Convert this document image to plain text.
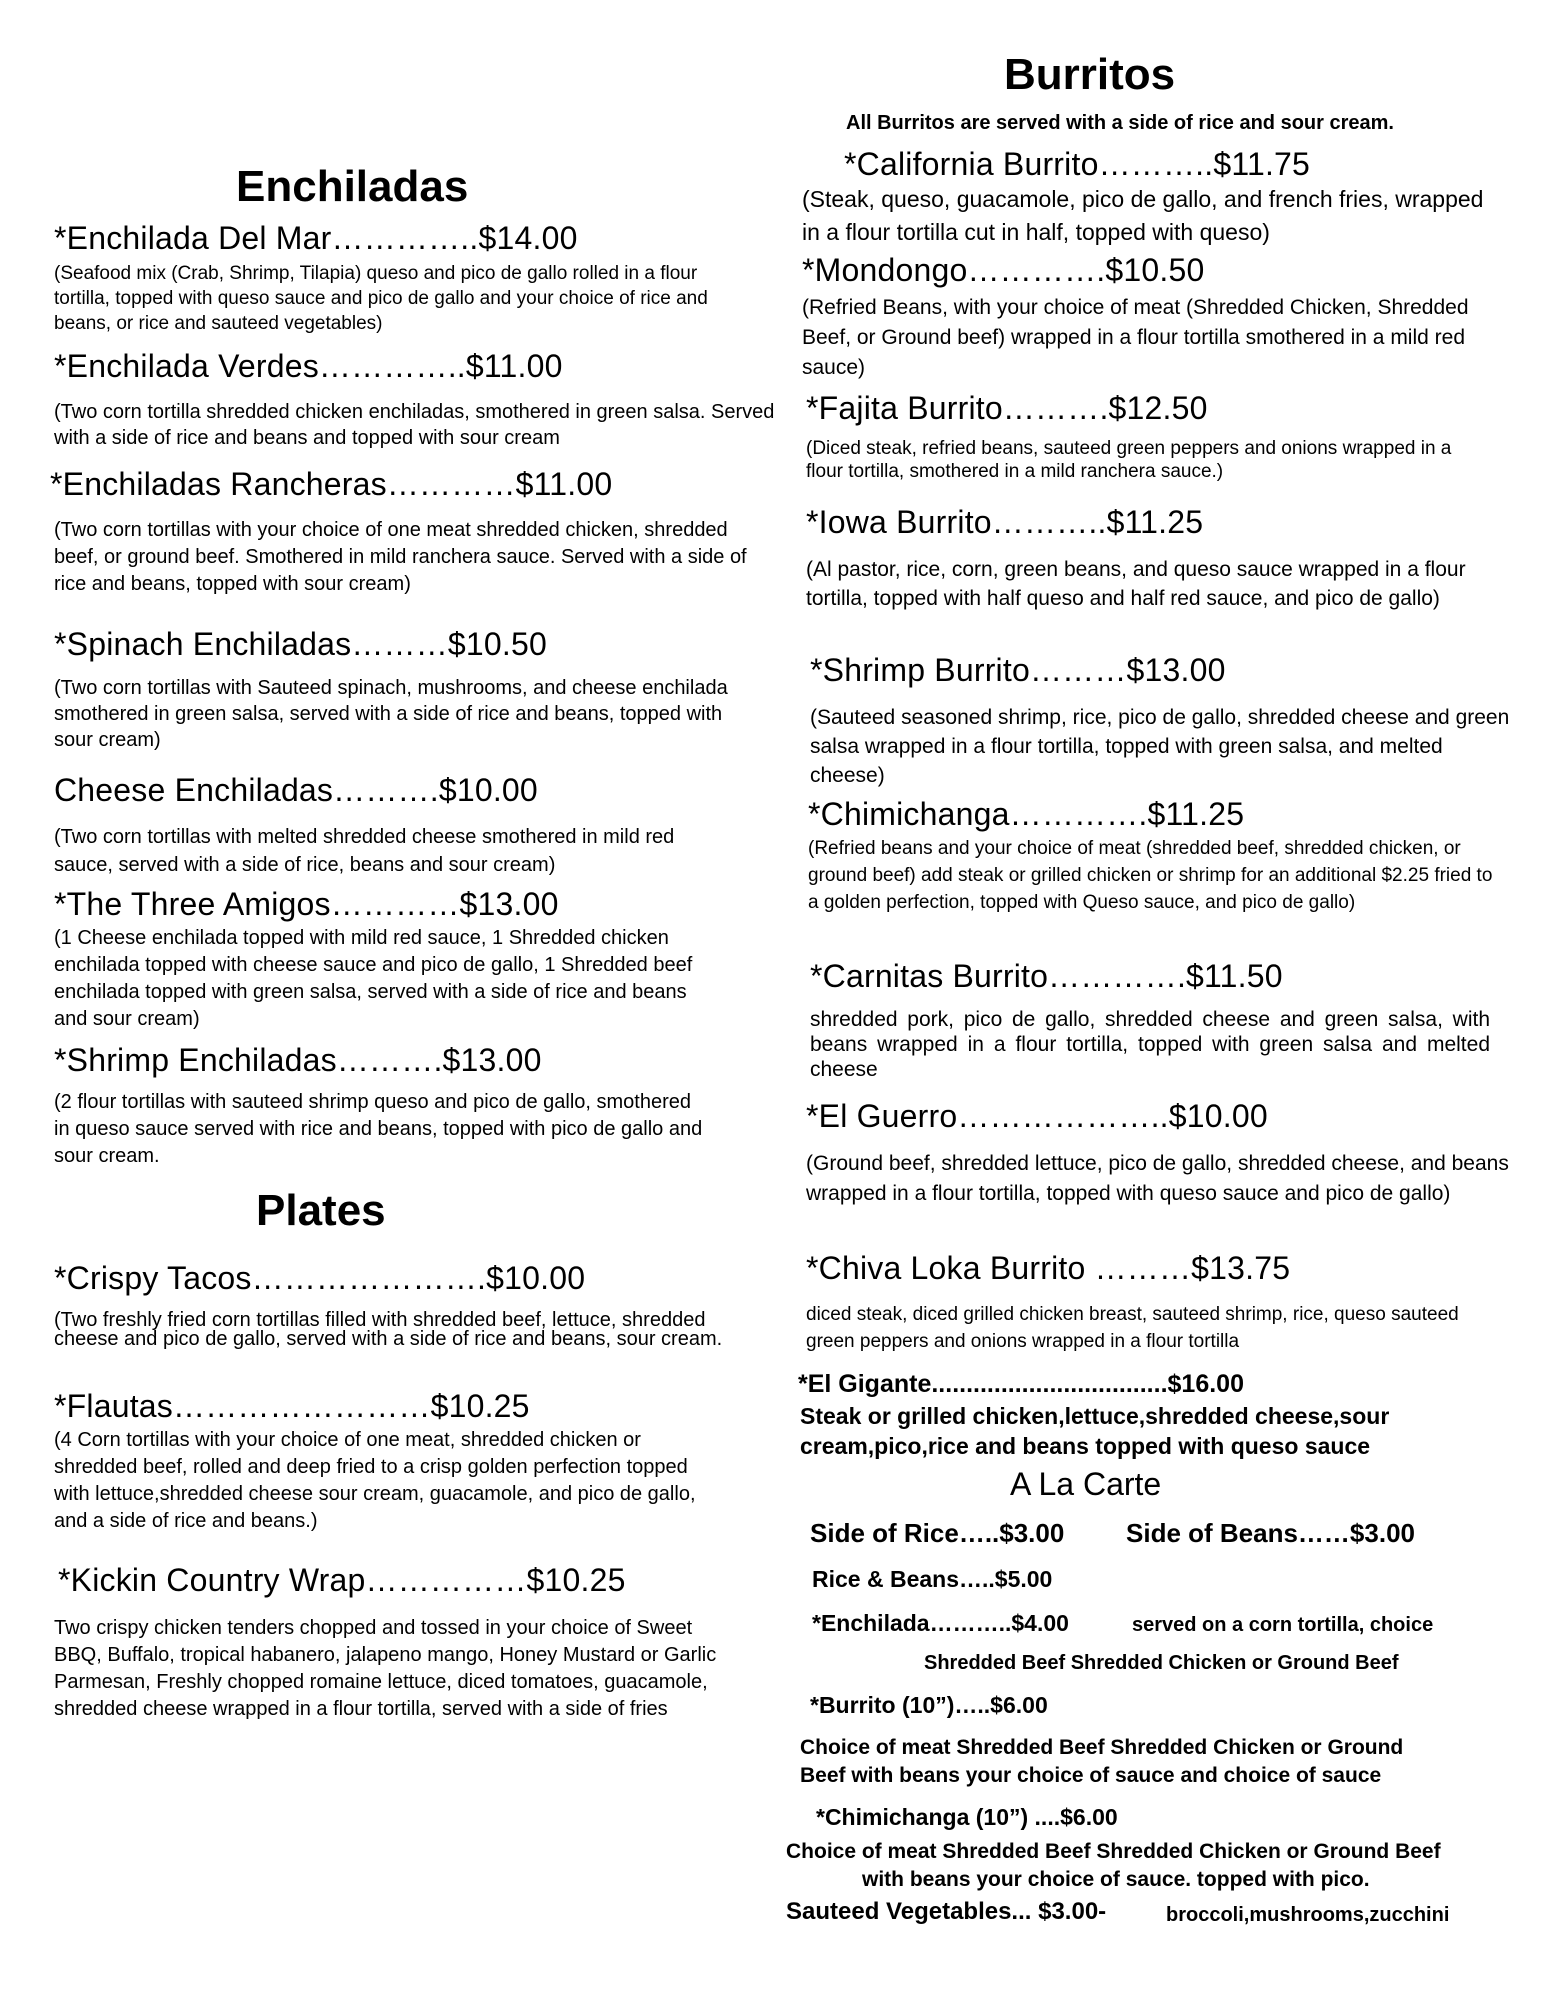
Enchiladas

*Enchilada Del Mar…………..$14.00

(Seafood mix (Crab, Shrimp, Tilapia) queso and pico de gallo rolled in a flour tortilla, topped with queso sauce and pico de gallo and your choice of rice and beans, or rice and sauteed vegetables)

*Enchilada Verdes…………..$11.00

(Two corn tortilla shredded chicken enchiladas, smothered in green salsa. Served with a side of rice and beans and topped with sour cream

*Enchiladas Rancheras…………$11.00

(Two corn tortillas with your choice of one meat shredded chicken, shredded beef, or ground beef. Smothered in mild ranchera sauce. Served with a side of rice and beans, topped with sour cream)

*Spinach Enchiladas………$10.50

(Two corn tortillas with Sauteed spinach, mushrooms, and cheese enchilada smothered in green salsa, served with a side of rice and beans, topped with sour cream)

Cheese Enchiladas……….$10.00

(Two corn tortillas with melted shredded cheese smothered in mild red sauce, served with a side of rice, beans and sour cream)

*The Three Amigos…………$13.00

(1 Cheese enchilada topped with mild red sauce, 1 Shredded chicken enchilada topped with cheese sauce and pico de gallo, 1 Shredded beef enchilada topped with green salsa, served with a side of rice and beans and sour cream)

*Shrimp Enchiladas……….$13.00

(2 flour tortillas with sauteed shrimp queso and pico de gallo, smothered in queso sauce served with rice and beans, topped with pico de gallo and sour cream.

Plates

*Crispy Tacos………………….$10.00

(Two freshly fried corn tortillas filled with shredded beef, lettuce, shredded cheese and pico de gallo, served with a side of rice and beans, sour cream.

*Flautas……………………$10.25

(4 Corn tortillas with your choice of one meat, shredded chicken or shredded beef, rolled and deep fried to a crisp golden perfection topped with lettuce,shredded cheese sour cream, guacamole, and pico de gallo, and a side of rice and beans.)

*Kickin Country Wrap……………$10.25

Two crispy chicken tenders chopped and tossed in your choice of Sweet BBQ, Buffalo, tropical habanero, jalapeno mango, Honey Mustard or Garlic Parmesan, Freshly chopped romaine lettuce, diced tomatoes, guacamole, shredded cheese wrapped in a flour tortilla, served with a side of fries

Burritos

All Burritos are served with a side of rice and sour cream.

*California Burrito………..$11.75

(Steak, queso, guacamole, pico de gallo, and french fries, wrapped in a flour tortilla cut in half, topped with queso)

*Mondongo………….$10.50

(Refried Beans, with your choice of meat (Shredded Chicken, Shredded Beef, or Ground beef) wrapped in a flour tortilla smothered in a mild red sauce)

*Fajita Burrito……….$12.50

(Diced steak, refried beans, sauteed green peppers and onions wrapped in a flour tortilla, smothered in a mild ranchera sauce.)

*Iowa Burrito………..$11.25

(Al pastor, rice, corn, green beans, and queso sauce wrapped in a flour tortilla, topped with half queso and half red sauce, and pico de gallo)

*Shrimp Burrito………$13.00

(Sauteed seasoned shrimp, rice, pico de gallo, shredded cheese and green salsa wrapped in a flour tortilla, topped with green salsa, and melted cheese)

*Chimichanga………….$11.25

(Refried beans and your choice of meat (shredded beef, shredded chicken, or ground beef) add steak or grilled chicken or shrimp for an additional $2.25 fried to a golden perfection, topped with Queso sauce, and pico de gallo)

*Carnitas Burrito………….$11.50

shredded pork, pico de gallo, shredded cheese and green salsa, with beans wrapped in a flour tortilla, topped with green salsa and melted cheese

*El Guerro………………..$10.00

(Ground beef, shredded lettuce, pico de gallo, shredded cheese, and beans wrapped in a flour tortilla, topped with queso sauce and pico de gallo)

*Chiva Loka Burrito ………$13.75

diced steak, diced grilled chicken breast, sauteed shrimp, rice, queso sauteed green peppers and onions wrapped in a flour tortilla

*El Gigante..................................$16.00

Steak or grilled chicken,lettuce,shredded cheese,sour cream,pico,rice and beans topped with queso sauce

A La Carte
Side of Rice…..$3.00 Side of Beans……$3.00
Rice & Beans…..$5.00
*Enchilada………..$4.00	served on a corn tortilla, choice
Shredded Beef Shredded Chicken or Ground Beef
*Burrito (10”)…..$6.00

Choice of meat Shredded Beef Shredded Chicken or Ground Beef with beans your choice of sauce and choice of sauce

*Chimichanga (10”) ....$6.00
Choice of meat Shredded Beef Shredded Chicken or Ground Beef
with beans your choice of sauce. topped with pico.
Sauteed Vegetables... $3.00-	broccoli,mushrooms,zucchini
